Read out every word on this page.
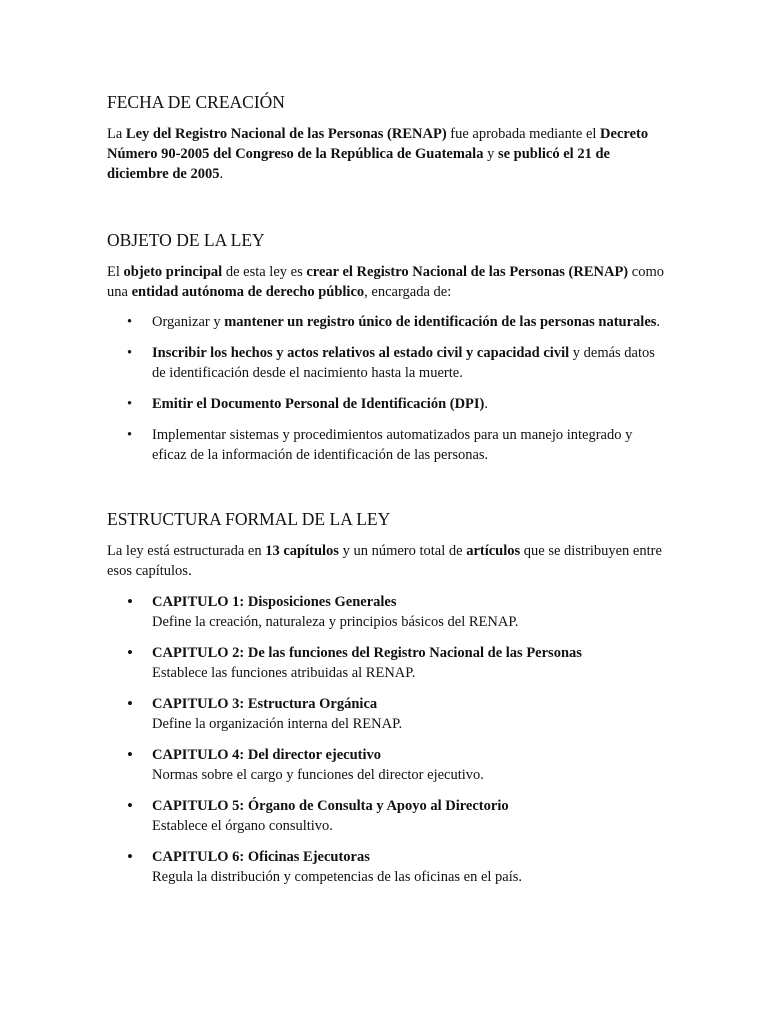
FECHA DE CREACIÓN

La Ley del Registro Nacional de las Personas (RENAP) fue aprobada mediante el Decreto Número 90-2005 del Congreso de la República de Guatemala y se publicó el 21 de diciembre de 2005.

OBJETO DE LA LEY

El objeto principal de esta ley es crear el Registro Nacional de las Personas (RENAP) como una entidad autónoma de derecho público, encargada de:

• Organizar y mantener un registro único de identificación de las personas naturales.
• Inscribir los hechos y actos relativos al estado civil y capacidad civil y demás datos de identificación desde el nacimiento hasta la muerte.
• Emitir el Documento Personal de Identificación (DPI).
• Implementar sistemas y procedimientos automatizados para un manejo integrado y eficaz de la información de identificación de las personas.
ESTRUCTURA FORMAL DE LA LEY

La ley está estructurada en 13 capítulos y un número total de artículos que se distribuyen entre esos capítulos.

• CAPITULO 1: Disposiciones Generales
Define la creación, naturaleza y principios básicos del RENAP.
• CAPITULO 2: De las funciones del Registro Nacional de las Personas
Establece las funciones atribuidas al RENAP.
• CAPITULO 3: Estructura Orgánica
Define la organización interna del RENAP.
• CAPITULO 4: Del director ejecutivo
Normas sobre el cargo y funciones del director ejecutivo.
• CAPITULO 5: Órgano de Consulta y Apoyo al Directorio
Establece el órgano consultivo.
• CAPITULO 6: Oficinas Ejecutoras
Regula la distribución y competencias de las oficinas en el país.
